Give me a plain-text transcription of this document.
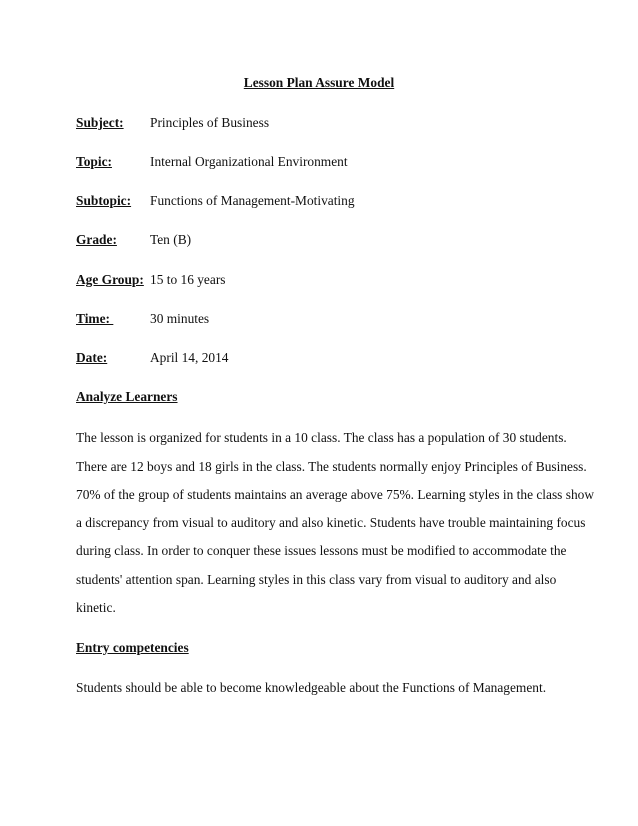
Lesson Plan Assure Model
Subject: Principles of Business
Topic:	Internal Organizational Environment
Subtopic: Functions of Management-Motivating
Grade: Ten (B)
Age Group: 15 to 16 years
Time:	30 minutes
Date:	April 14, 2014
Analyze Learners
The lesson is organized for students in a 10 class. The class has a population of 30 students.
There are 12 boys and 18 girls in the class. The students normally enjoy Principles of Business.
70% of the group of students maintains an average above 75%. Learning styles in the class show
a discrepancy from visual to auditory and also kinetic. Students have trouble maintaining focus
during class. In order to conquer these issues lessons must be modified to accommodate the
students' attention span. Learning styles in this class vary from visual to auditory and also
kinetic.
Entry competencies
Students should be able to become knowledgeable about the Functions of Management.
